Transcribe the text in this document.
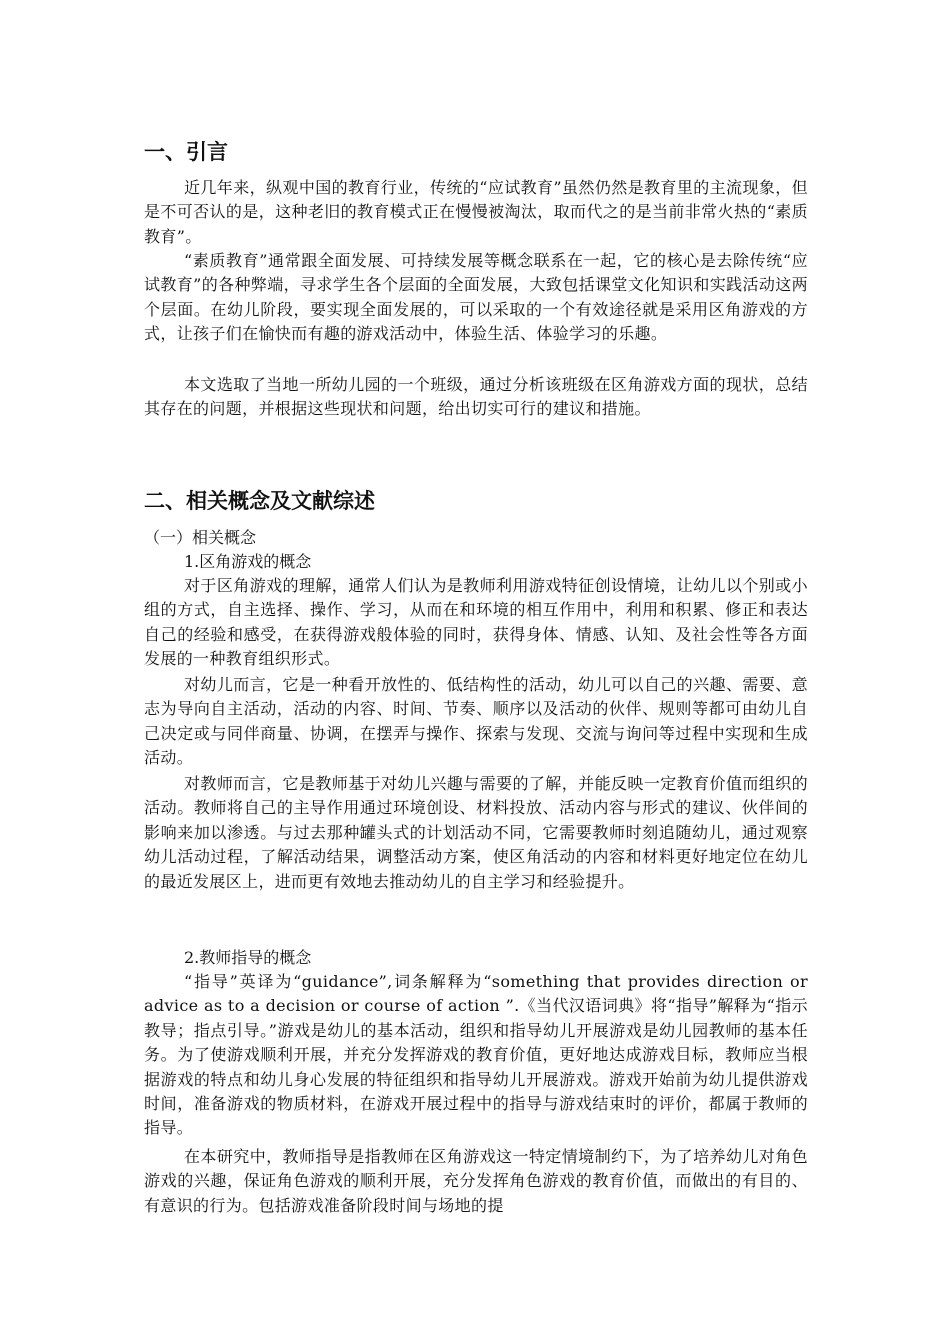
一、引言

近几年来，纵观中国的教育行业，传统的“应试教育”虽然仍然是教育里的主流现象，但是不可否认的是，这种老旧的教育模式正在慢慢被淘汰，取而代之的是当前非常火热的“素质教育”。

“素质教育”通常跟全面发展、可持续发展等概念联系在一起，它的核心是去除传统“应试教育”的各种弊端，寻求学生各个层面的全面发展，大致包括课堂文化知识和实践活动这两个层面。在幼儿阶段，要实现全面发展的，可以采取的一个有效途径就是采用区角游戏的方式，让孩子们在愉快而有趣的游戏活动中，体验生活、体验学习的乐趣。

本文选取了当地一所幼儿园的一个班级，通过分析该班级在区角游戏方面的现状，总结其存在的问题，并根据这些现状和问题，给出切实可行的建议和措施。

二、相关概念及文献综述

（一）相关概念

1.区角游戏的概念

对于区角游戏的理解，通常人们认为是教师利用游戏特征创设情境，让幼儿以个别或小组的方式，自主选择、操作、学习，从而在和环境的相互作用中，利用和积累、修正和表达自己的经验和感受，在获得游戏般体验的同时，获得身体、情感、认知、及社会性等各方面发展的一种教育组织形式。

对幼儿而言，它是一种看开放性的、低结构性的活动，幼儿可以自己的兴趣、需要、意志为导向自主活动，活动的内容、时间、节奏、顺序以及活动的伙伴、规则等都可由幼儿自己决定或与同伴商量、协调，在摆弄与操作、探索与发现、交流与询问等过程中实现和生成活动。

对教师而言，它是教师基于对幼儿兴趣与需要的了解，并能反映一定教育价值而组织的活动。教师将自己的主导作用通过环境创设、材料投放、活动内容与形式的建议、伙伴间的影响来加以渗透。与过去那种罐头式的计划活动不同，它需要教师时刻追随幼儿，通过观察幼儿活动过程，了解活动结果，调整活动方案，使区角活动的内容和材料更好地定位在幼儿的最近发展区上，进而更有效地去推动幼儿的自主学习和经验提升。

2.教师指导的概念

“指导”英译为“guidance”,词条解释为“something that provides direction or advice as to a decision or course of action ”.《当代汉语词典》将“指导”解释为“指示教导；指点引导。”游戏是幼儿的基本活动，组织和指导幼儿开展游戏是幼儿园教师的基本任务。为了使游戏顺利开展，并充分发挥游戏的教育价值，更好地达成游戏目标，教师应当根据游戏的特点和幼儿身心发展的特征组织和指导幼儿开展游戏。游戏开始前为幼儿提供游戏时间，准备游戏的物质材料，在游戏开展过程中的指导与游戏结束时的评价，都属于教师的指导。

在本研究中，教师指导是指教师在区角游戏这一特定情境制约下，为了培养幼儿对角色游戏的兴趣，保证角色游戏的顺利开展，充分发挥角色游戏的教育价值，而做出的有目的、有意识的行为。包括游戏准备阶段时间与场地的提
